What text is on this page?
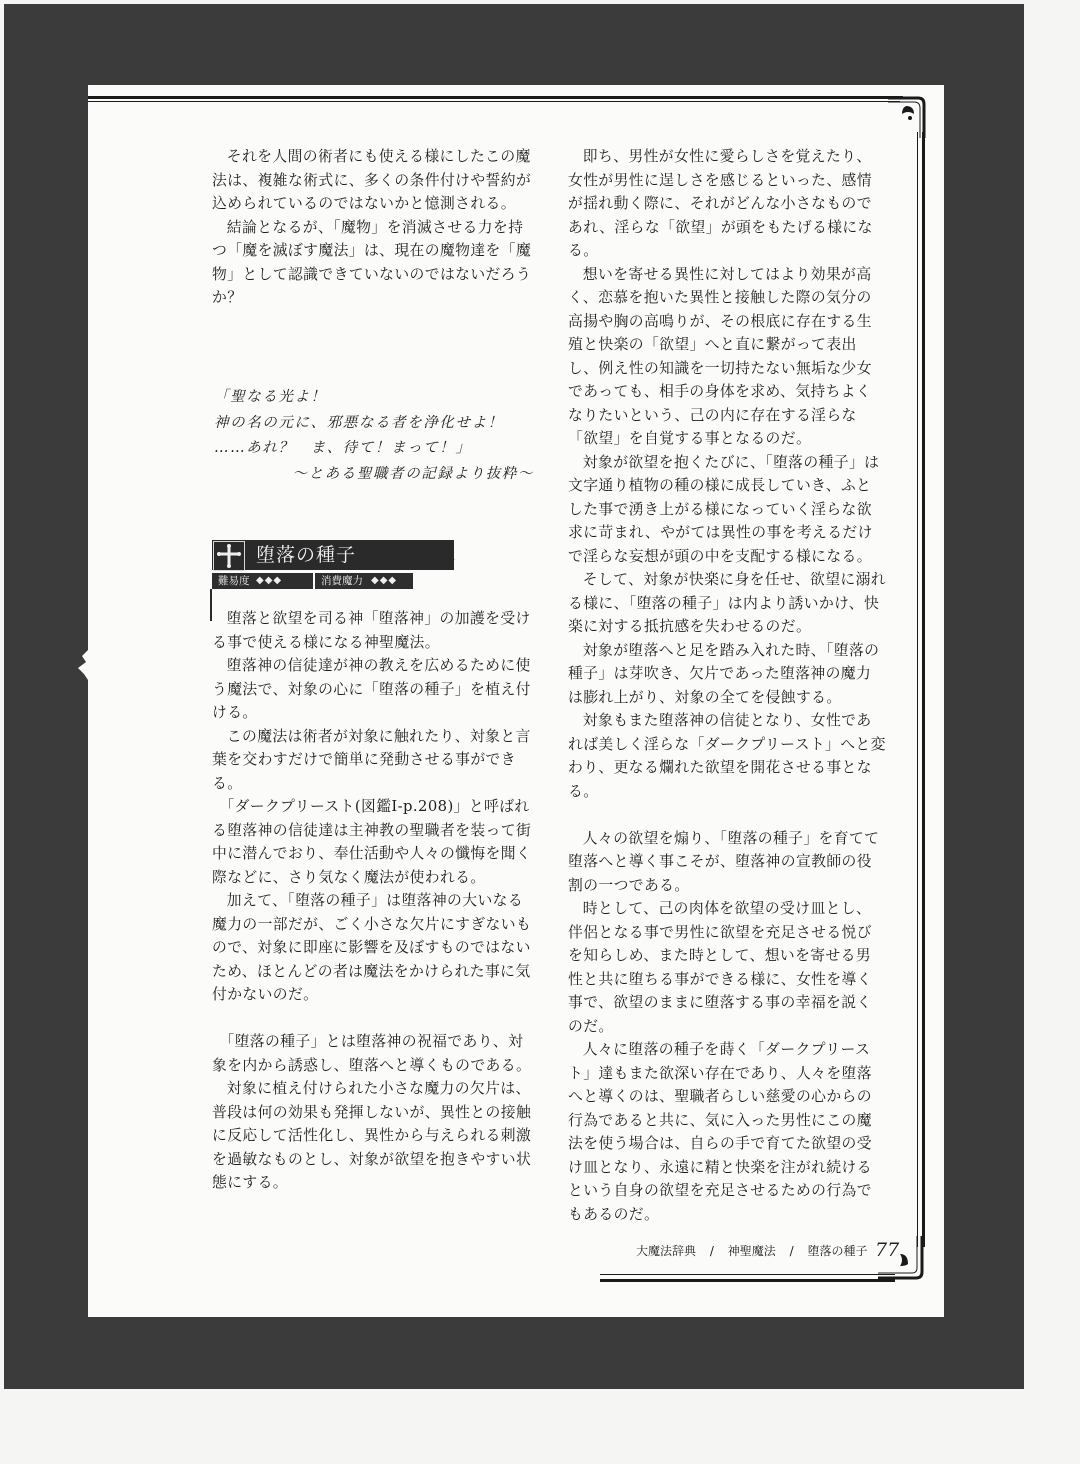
それを人間の術者にも使える様にしたこの魔法は、複雑な術式に、多くの条件付けや誓約が込められているのではないかと憶測される。

結論となるが、「魔物」を消滅させる力を持つ「魔を滅ぼす魔法」は、現在の魔物達を「魔物」として認識できていないのではないだろうか？

「聖なる光よ！
神の名の元に、邪悪なる者を浄化せよ！
……あれ？　ま、待て！まって！」
〜とある聖職者の記録より抜粋〜
堕落の種子
難易度 ◆◆◆	消費魔力 ◆◆◆

堕落と欲望を司る神「堕落神」の加護を受ける事で使える様になる神聖魔法。

堕落神の信徒達が神の教えを広めるために使う魔法で、対象の心に「堕落の種子」を植え付ける。

この魔法は術者が対象に触れたり、対象と言葉を交わすだけで簡単に発動させる事ができる。

「ダークプリースト(図鑑Ⅰ-p.208)」と呼ばれる堕落神の信徒達は主神教の聖職者を装って街中に潜んでおり、奉仕活動や人々の懺悔を聞く際などに、さり気なく魔法が使われる。

加えて、「堕落の種子」は堕落神の大いなる魔力の一部だが、ごく小さな欠片にすぎないもので、対象に即座に影響を及ぼすものではないため、ほとんどの者は魔法をかけられた事に気付かないのだ。

「堕落の種子」とは堕落神の祝福であり、対象を内から誘惑し、堕落へと導くものである。

対象に植え付けられた小さな魔力の欠片は、普段は何の効果も発揮しないが、異性との接触に反応して活性化し、異性から与えられる刺激を過敏なものとし、対象が欲望を抱きやすい状態にする。

即ち、男性が女性に愛らしさを覚えたり、女性が男性に逞しさを感じるといった、感情が揺れ動く際に、それがどんな小さなものであれ、淫らな「欲望」が頭をもたげる様になる。

想いを寄せる異性に対してはより効果が高く、恋慕を抱いた異性と接触した際の気分の高揚や胸の高鳴りが、その根底に存在する生殖と快楽の「欲望」へと直に繋がって表出し、例え性の知識を一切持たない無垢な少女であっても、相手の身体を求め、気持ちよくなりたいという、己の内に存在する淫らな「欲望」を自覚する事となるのだ。

対象が欲望を抱くたびに、「堕落の種子」は文字通り植物の種の様に成長していき、ふとした事で湧き上がる様になっていく淫らな欲求に苛まれ、やがては異性の事を考えるだけで淫らな妄想が頭の中を支配する様になる。

そして、対象が快楽に身を任せ、欲望に溺れる様に、「堕落の種子」は内より誘いかけ、快楽に対する抵抗感を失わせるのだ。

対象が堕落へと足を踏み入れた時、「堕落の種子」は芽吹き、欠片であった堕落神の魔力は膨れ上がり、対象の全てを侵蝕する。

対象もまた堕落神の信徒となり、女性であれば美しく淫らな「ダークプリースト」へと変わり、更なる爛れた欲望を開花させる事となる。

人々の欲望を煽り、「堕落の種子」を育てて堕落へと導く事こそが、堕落神の宣教師の役割の一つである。

時として、己の肉体を欲望の受け皿とし、伴侶となる事で男性に欲望を充足させる悦びを知らしめ、また時として、想いを寄せる男性と共に堕ちる事ができる様に、女性を導く事で、欲望のままに堕落する事の幸福を説くのだ。

人々に堕落の種子を蒔く「ダークプリースト」達もまた欲深い存在であり、人々を堕落へと導くのは、聖職者らしい慈愛の心からの行為であると共に、気に入った男性にこの魔法を使う場合は、自らの手で育てた欲望の受け皿となり、永遠に精と快楽を注がれ続けるという自身の欲望を充足させるための行為でもあるのだ。

大魔法辞典 / 神聖魔法 / 堕落の種子 77
